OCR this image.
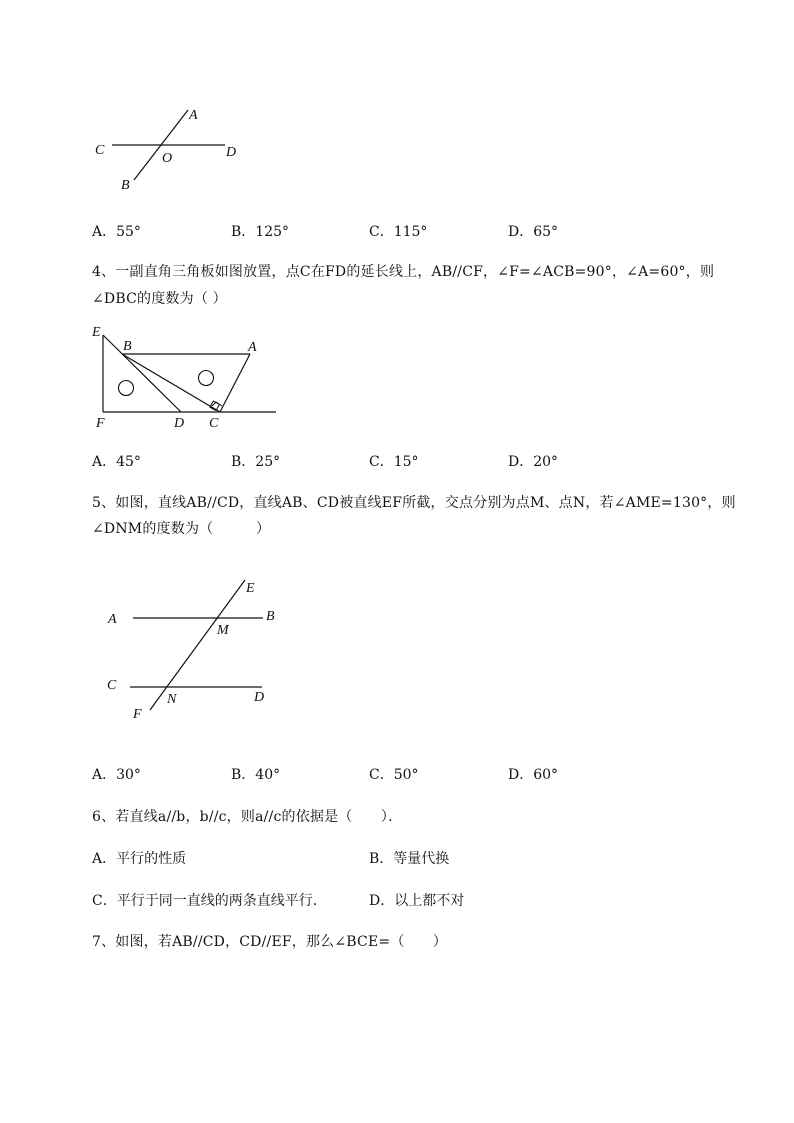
A
C
O	D
B
A．55°	B．125°	C．115°	D．65°
4、一副直角三角板如图放置，点C在FD的延长线上，AB//CF，∠F=∠ACB=90°，∠A=60°，则
∠DBC的度数为（ ）
E
B	A
F	D C
A．45°	B．25°	C．15°	D．20°
5、如图，直线AB//CD，直线AB、CD被直线EF所截，交点分别为点M、点N，若∠AME=130°，则
∠DNM的度数为（　　　）
E
A	B
M
C
N	D
F
A．30°	B．40°	C．50°	D．60°
6、若直线a//b，b//c，则a//c的依据是（　　）．
A．平行的性质	B．等量代换
C．平行于同一直线的两条直线平行．	D．以上都不对
7、如图，若AB//CD，CD//EF，那么∠BCE=（　　）
